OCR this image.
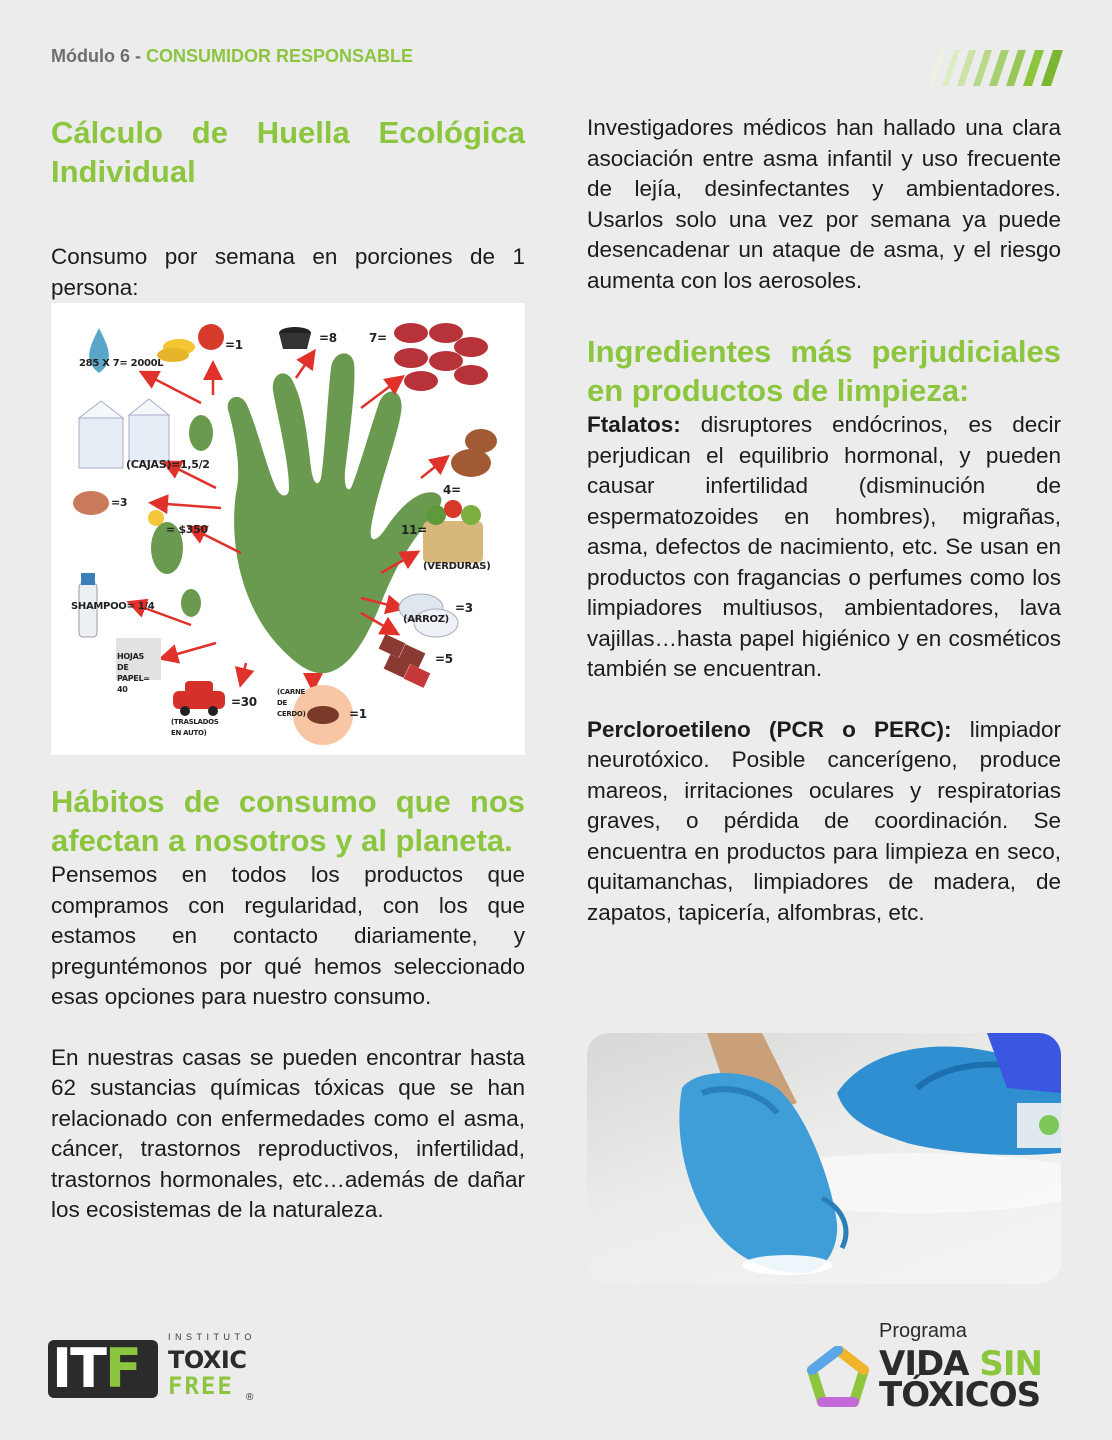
Módulo 6 - CONSUMIDOR RESPONSABLE
Cálculo de Huella Ecológica Individual

Consumo por semana en porciones de 1 persona:

285 X 7= 2000L
=1	=8	7=
(CAJAS)=1,5/2
4=
=3
= $350	11=
(VERDURAS)
SHAMPOO= 1/4
(ARROZ)
=3
=5
HOJAS DE PAPEL= 40
=30
(TRASLADOS EN AUTO)
(CARNE DE CERDO)	=1
Hábitos de consumo que nos afectan a nosotros y al planeta.

Pensemos en todos los productos que compramos con regularidad, con los que estamos en contacto diariamente, y preguntémonos por qué hemos seleccionado esas opciones para nuestro consumo.

En nuestras casas se pueden encontrar hasta 62 sustancias químicas tóxicas que se han relacionado con enfermedades como el asma, cáncer, trastornos reproductivos, infertilidad, trastornos hormonales, etc…además de dañar los ecosistemas de la naturaleza.

Investigadores médicos han hallado una clara asociación entre asma infantil y uso frecuente de lejía, desinfectantes y ambientadores. Usarlos solo una vez por semana ya puede desencadenar un ataque de asma, y el riesgo aumenta con los aerosoles.

Ingredientes más perjudiciales en productos de limpieza:

Ftalatos: disruptores endócrinos, es decir perjudican el equilibrio hormonal, y pueden causar infertilidad (disminución de espermatozoides en hombres), migrañas, asma, defectos de nacimiento, etc. Se usan en productos con fragancias o perfumes como los limpiadores multiusos, ambientadores, lava vajillas…hasta papel higiénico y en cosméticos también se encuentran.

Percloroetileno (PCR o PERC): limpiador neurotóxico. Posible cancerígeno, produce mareos, irritaciones oculares y respiratorias graves, o pérdida de coordinación. Se encuentra en productos para limpieza en seco, quitamanchas, limpiadores de madera, de zapatos, tapicería, alfombras, etc.

ITF	INSTITUTO
TOXIC
FREE ®
Programa
VIDA SIN
TÓXICOS
